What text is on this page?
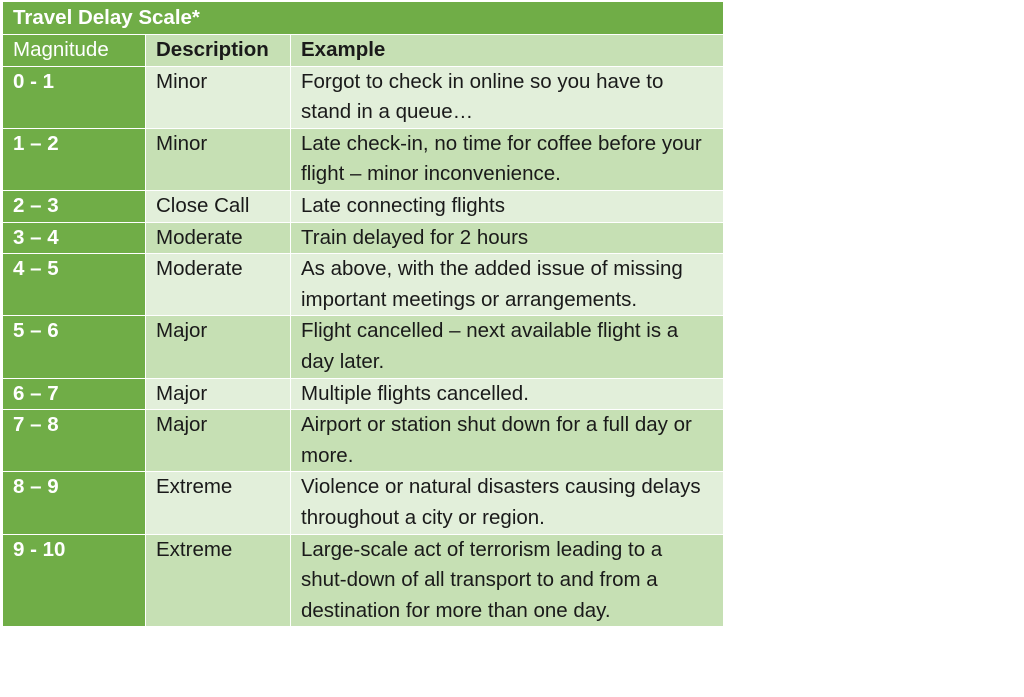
Travel Delay Scale*		
Magnitude	Description	Example
0 - 1	Minor	Forgot to check in online so you have to stand in a queue…
1 – 2	Minor	Late check-in, no time for coffee before your flight – minor inconvenience.
2 – 3	Close Call	Late connecting flights
3 – 4	Moderate	Train delayed for 2 hours
4 – 5	Moderate	As above, with the added issue of missing important meetings or arrangements.
5 – 6	Major	Flight cancelled – next available flight is a day later.
6 – 7	Major	Multiple flights cancelled.
7 – 8	Major	Airport or station shut down for a full day or more.
8 – 9	Extreme	Violence or natural disasters causing delays throughout a city or region.
9 - 10	Extreme	Large-scale act of terrorism leading to a shut-down of all transport to and from a destination for more than one day.
